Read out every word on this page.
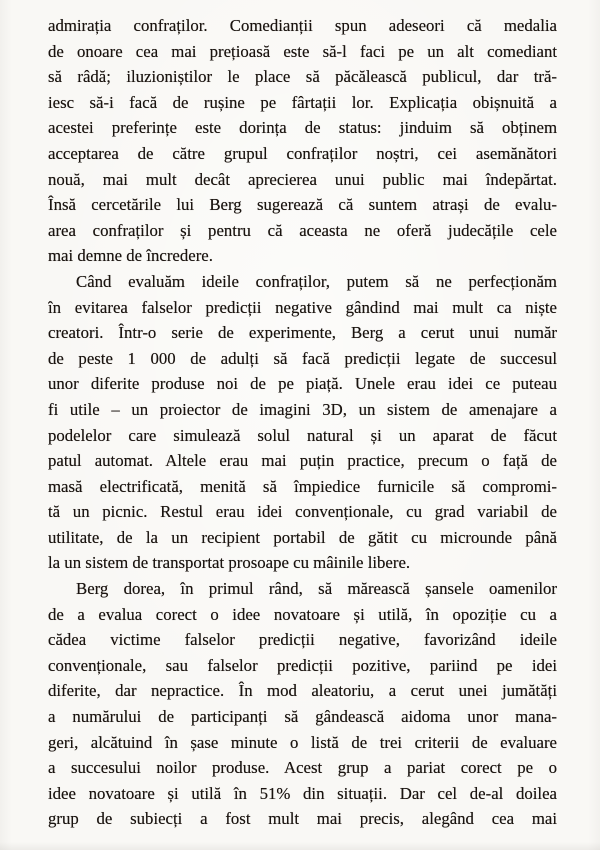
admirația confraților. Comedianții spun adeseori că medalia
de onoare cea mai prețioasă este să-l faci pe un alt comediant
să râdă; iluzioniștilor le place să păcălească publicul, dar tră-
iesc să-i facă de rușine pe fârtații lor. Explicația obișnuită a
acestei preferințe este dorința de status: jinduim să obținem
acceptarea de către grupul confraților noștri, cei asemănători
nouă, mai mult decât aprecierea unui public mai îndepărtat.
Însă cercetările lui Berg sugerează că suntem atrași de evalu-
area confraților și pentru că aceasta ne oferă judecățile cele
mai demne de încredere.
Când evaluăm ideile confraților, putem să ne perfecționăm
în evitarea falselor predicții negative gândind mai mult ca niște
creatori. Într-o serie de experimente, Berg a cerut unui număr
de peste 1 000 de adulți să facă predicții legate de succesul
unor diferite produse noi de pe piață. Unele erau idei ce puteau
fi utile – un proiector de imagini 3D, un sistem de amenajare a
podelelor care simulează solul natural și un aparat de făcut
patul automat. Altele erau mai puțin practice, precum o față de
masă electrificată, menită să împiedice furnicile să compromi-
tă un picnic. Restul erau idei convenționale, cu grad variabil de
utilitate, de la un recipient portabil de gătit cu microunde până
la un sistem de transportat prosoape cu mâinile libere.
Berg dorea, în primul rând, să mărească șansele oamenilor
de a evalua corect o idee novatoare și utilă, în opoziție cu a
cădea victime falselor predicții negative, favorizând ideile
convenționale, sau falselor predicții pozitive, pariind pe idei
diferite, dar nepractice. În mod aleatoriu, a cerut unei jumătăți
a numărului de participanți să gândească aidoma unor mana-
geri, alcătuind în șase minute o listă de trei criterii de evaluare
a succesului noilor produse. Acest grup a pariat corect pe o
idee novatoare și utilă în 51% din situații. Dar cel de-al doilea
grup de subiecți a fost mult mai precis, alegând cea mai
